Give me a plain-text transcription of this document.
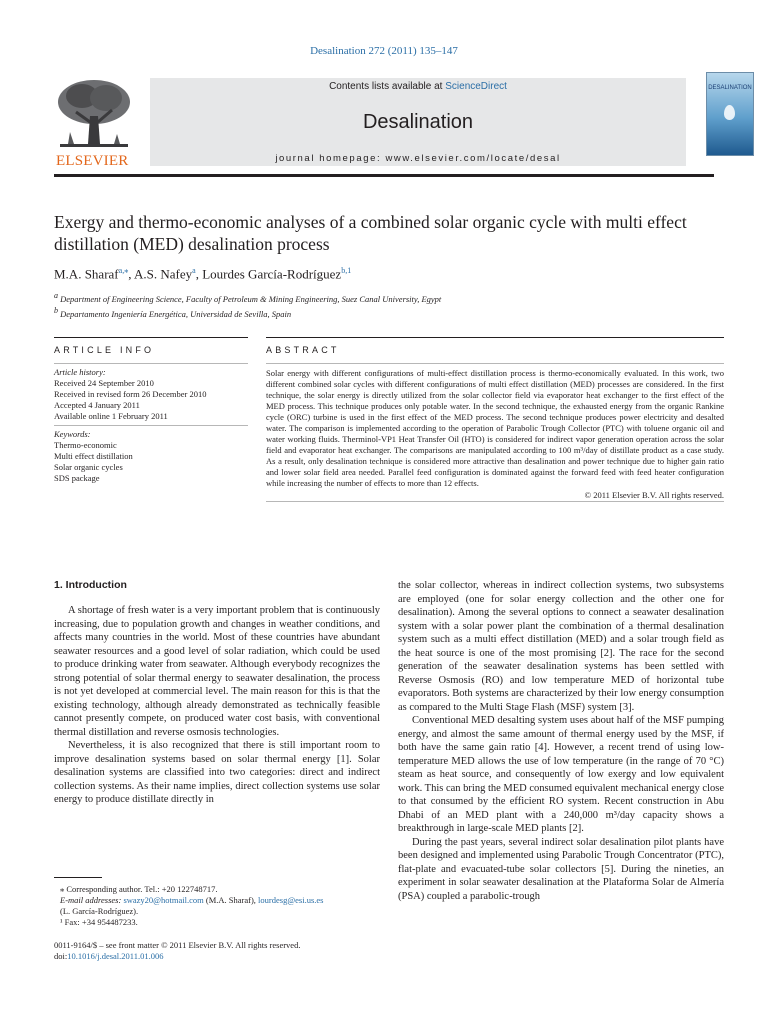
Desalination 272 (2011) 135–147
ELSEVIER
Contents lists available at ScienceDirect
Desalination
journal homepage: www.elsevier.com/locate/desal
DESALINATION
Exergy and thermo-economic analyses of a combined solar organic cycle with multi effect distillation (MED) desalination process
M.A. Sharaf$^{a,⁎}$, A.S. Nafey$^a$, Lourdes García-Rodríguez$^{b,1}$
$^a$ Department of Engineering Science, Faculty of Petroleum & Mining Engineering, Suez Canal University, Egypt
$^b$ Departamento Ingeniería Energética, Universidad de Sevilla, Spain
ARTICLE INFO	ABSTRACT
Article history:
Received 24 September 2010
Received in revised form 26 December 2010
Accepted 4 January 2011
Available online 1 February 2011
Keywords:
Thermo-economic
Multi effect distillation
Solar organic cycles
SDS package

Solar energy with different configurations of multi-effect distillation process is thermo-economically evaluated. In this work, two different combined solar cycles with different configurations of multi effect distillation (MED) processes are considered. In the first technique, the solar energy is directly utilized from the solar collector field via evaporator heat exchanger to the first effect of the MED process. This technique produces only potable water. In the second technique, the exhausted energy from the organic Rankine cycle (ORC) turbine is used in the first effect of the MED process. The second technique produces power electricity and desalted water. The comparison is implemented according to the operation of Parabolic Trough Collector (PTC) with toluene organic oil and water working fluids. Therminol-VP1 Heat Transfer Oil (HTO) is considered for indirect vapor generation operation across the solar field and evaporator heat exchanger. The comparisons are manipulated according to 100 m³/day of distillate product as a case study. As a result, only desalination technique is considered more attractive than desalination and power technique due to higher gain ratio and lower solar field area needed. Parallel feed configuration is dominated against the forward feed with feed heater configuration while increasing the number of effects to more than 12 effects.

© 2011 Elsevier B.V. All rights reserved.

1. Introduction

A shortage of fresh water is a very important problem that is continuously increasing, due to population growth and changes in weather conditions, and affects many countries in the world. Most of these countries have abundant seawater resources and a good level of solar radiation, which could be used to produce drinking water from seawater. Although everybody recognizes the strong potential of solar thermal energy to seawater desalination, the process is not yet developed at commercial level. The main reason for this is that the existing technology, although already demonstrated as technically feasible cannot presently compete, on produced water cost basis, with conventional thermal distillation and reverse osmosis technologies.

Nevertheless, it is also recognized that there is still important room to improve desalination systems based on solar thermal energy [1]. Solar desalination systems are classified into two categories: direct and indirect collection systems. As their name implies, direct collection systems use solar energy to produce distillate directly in

the solar collector, whereas in indirect collection systems, two subsystems are employed (one for solar energy collection and the other one for desalination). Among the several options to connect a seawater desalination system with a solar power plant the combination of a thermal desalination system such as a multi effect distillation (MED) and a solar trough field as the heat source is one of the most promising [2]. The race for the second generation of the seawater desalination systems has been settled with Reverse Osmosis (RO) and low temperature MED of horizontal tube evaporators. Both systems are characterized by their low energy consumption as compared to the Multi Stage Flash (MSF) system [3].

Conventional MED desalting system uses about half of the MSF pumping energy, and almost the same amount of thermal energy used by the MSF, if both have the same gain ratio [4]. However, a recent trend of using low-temperature MED allows the use of low temperature (in the range of 70 °C) steam as heat source, and consequently of low exergy and low equivalent work. This can bring the MED consumed equivalent mechanical energy close to that consumed by the efficient RO system. Recent construction in Abu Dhabi of an MED plant with a 240,000 m³/day capacity shows a breakthrough in large-scale MED plants [2].

During the past years, several indirect solar desalination pilot plants have been designed and implemented using Parabolic Trough Concentrator (PTC), flat-plate and evacuated-tube solar collectors [5]. During the nineties, an experiment in solar seawater desalination at the Plataforma Solar de Almería (PSA) coupled a parabolic-trough

⁎ Corresponding author. Tel.: +20 122748717.
E-mail addresses: swazy20@hotmail.com (M.A. Sharaf), lourdesg@esi.us.es
(L. García-Rodríguez).
¹ Fax: +34 954487233.
0011-9164/$ – see front matter © 2011 Elsevier B.V. All rights reserved.
doi:10.1016/j.desal.2011.01.006
